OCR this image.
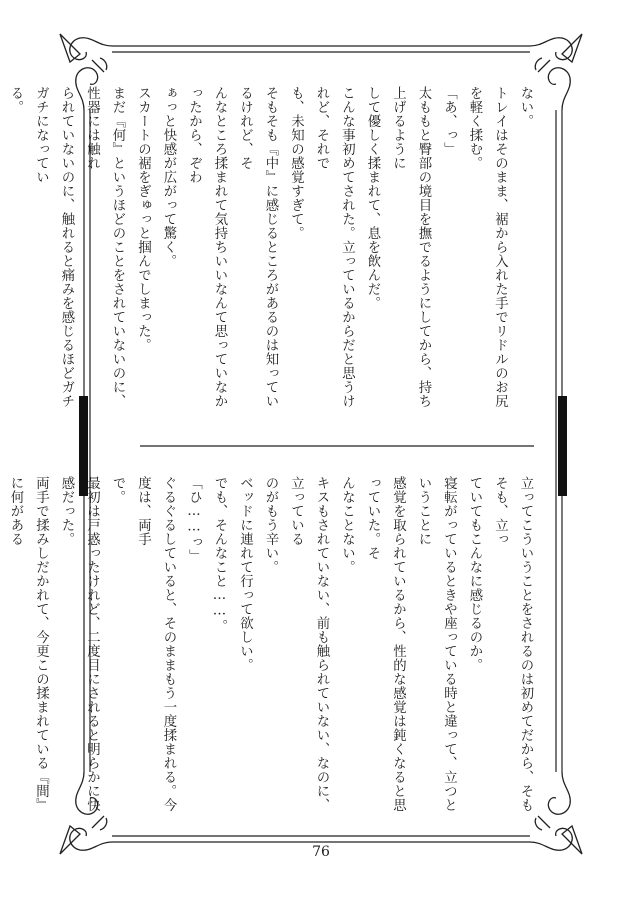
ない。

トレイはそのまま、裾から入れた手でリドルのお尻を軽く揉む。

「あ、っ」

太ももと臀部の境目を撫でるようにしてから、持ち上げるように

して優しく揉まれて、息を飲んだ。

こんな事初めてされた。立っているからだと思うけれど、それで

も、未知の感覚すぎて。

そもそも『中』に感じるところがあるのは知っているけれど、そ

んなところ揉まれて気持ちいいなんて思っていなかったから、ぞわ

ぁっと快感が広がって驚く。

スカートの裾をぎゅっと掴んでしまった。

まだ『何』というほどのことをされていないのに、性器には触れ

られていないのに、触れると痛みを感じるほどガチガチになってい

る。

立ってこういうことをされるのは初めてだから、そもそも、立っ

ていてもこんなに感じるのか。

寝転がっているときや座っている時と違って、立つということに

感覚を取られているから、性的な感覚は鈍くなると思っていた。そ

んなことない。

キスもされていない、前も触られていない、なのに、立っている

のがもう辛い。

ベッドに連れて行って欲しい。

でも、そんなこと……。

「ひ……っ」

ぐるぐるしていると、そのままもう一度揉まれる。今度は、両手

で。

最初は戸惑ったけれど、二度目にされると明らかに快感だった。

両手で揉みしだかれて、今更この揉まれている『間』に何がある

76
